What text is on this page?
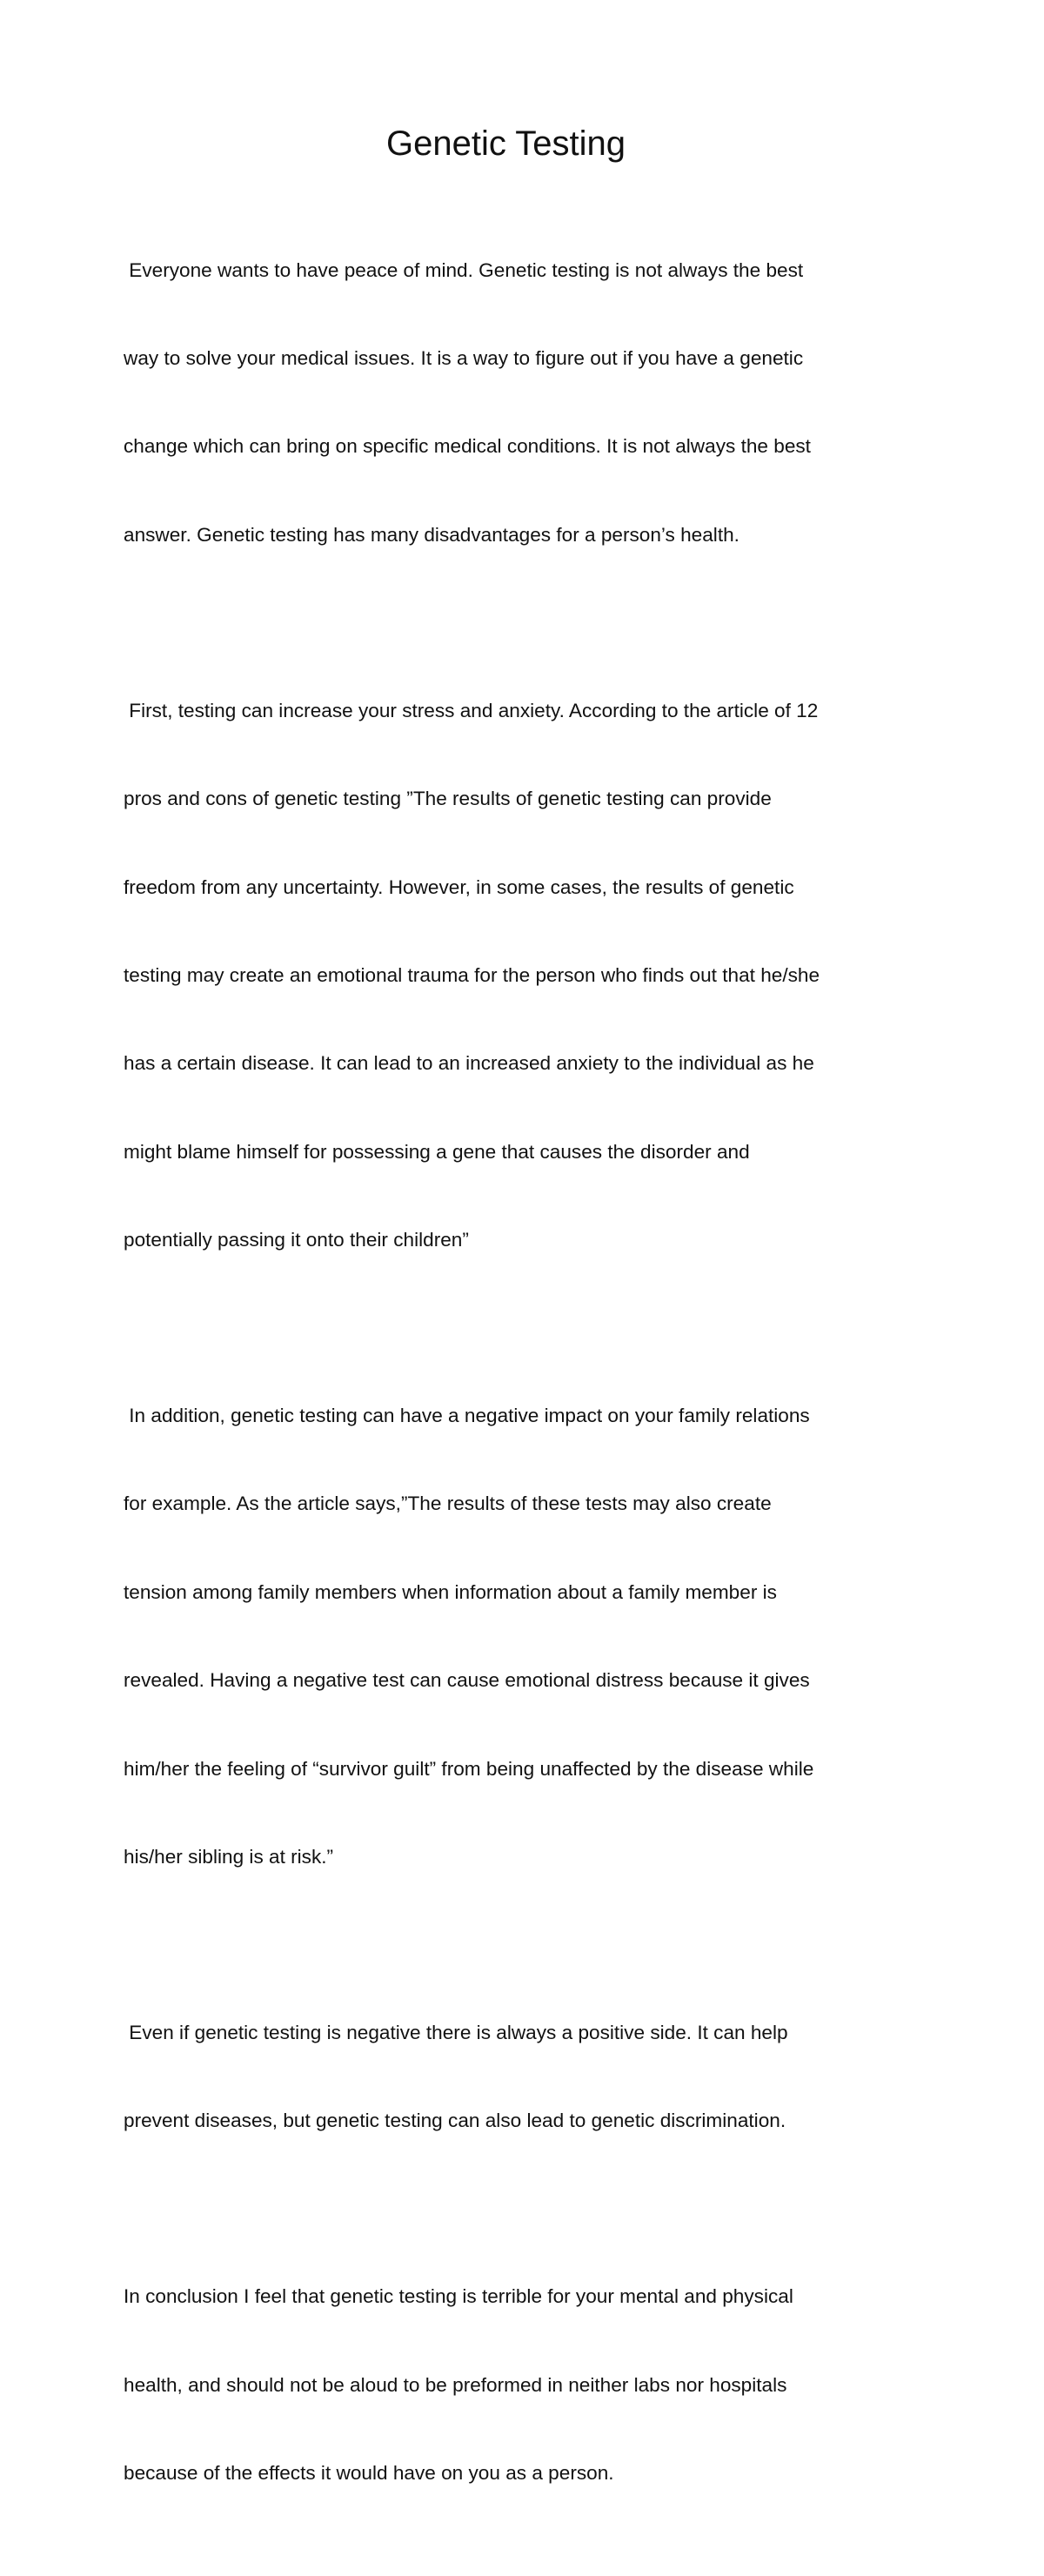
Genetic Testing

Everyone wants to have peace of mind. Genetic testing is not always the best

way to solve your medical issues. It is a way to figure out if you have a genetic

change which can bring on specific medical conditions. It is not always the best

answer. Genetic testing has many disadvantages for a person’s health.

First, testing can increase your stress and anxiety. According to the article of 12

pros and cons of genetic testing ”The results of genetic testing can provide

freedom from any uncertainty. However, in some cases, the results of genetic

testing may create an emotional trauma for the person who finds out that he/she

has a certain disease. It can lead to an increased anxiety to the individual as he

might blame himself for possessing a gene that causes the disorder and

potentially passing it onto their children”

In addition, genetic testing can have a negative impact on your family relations

for example. As the article says,”The results of these tests may also create

tension among family members when information about a family member is

revealed. Having a negative test can cause emotional distress because it gives

him/her the feeling of “survivor guilt” from being unaffected by the disease while

his/her sibling is at risk.”

Even if genetic testing is negative there is always a positive side. It can help

prevent diseases, but genetic testing can also lead to genetic discrimination.

In conclusion I feel that genetic testing is terrible for your mental and physical

health, and should not be aloud to be preformed in neither labs nor hospitals

because of the effects it would have on you as a person.
